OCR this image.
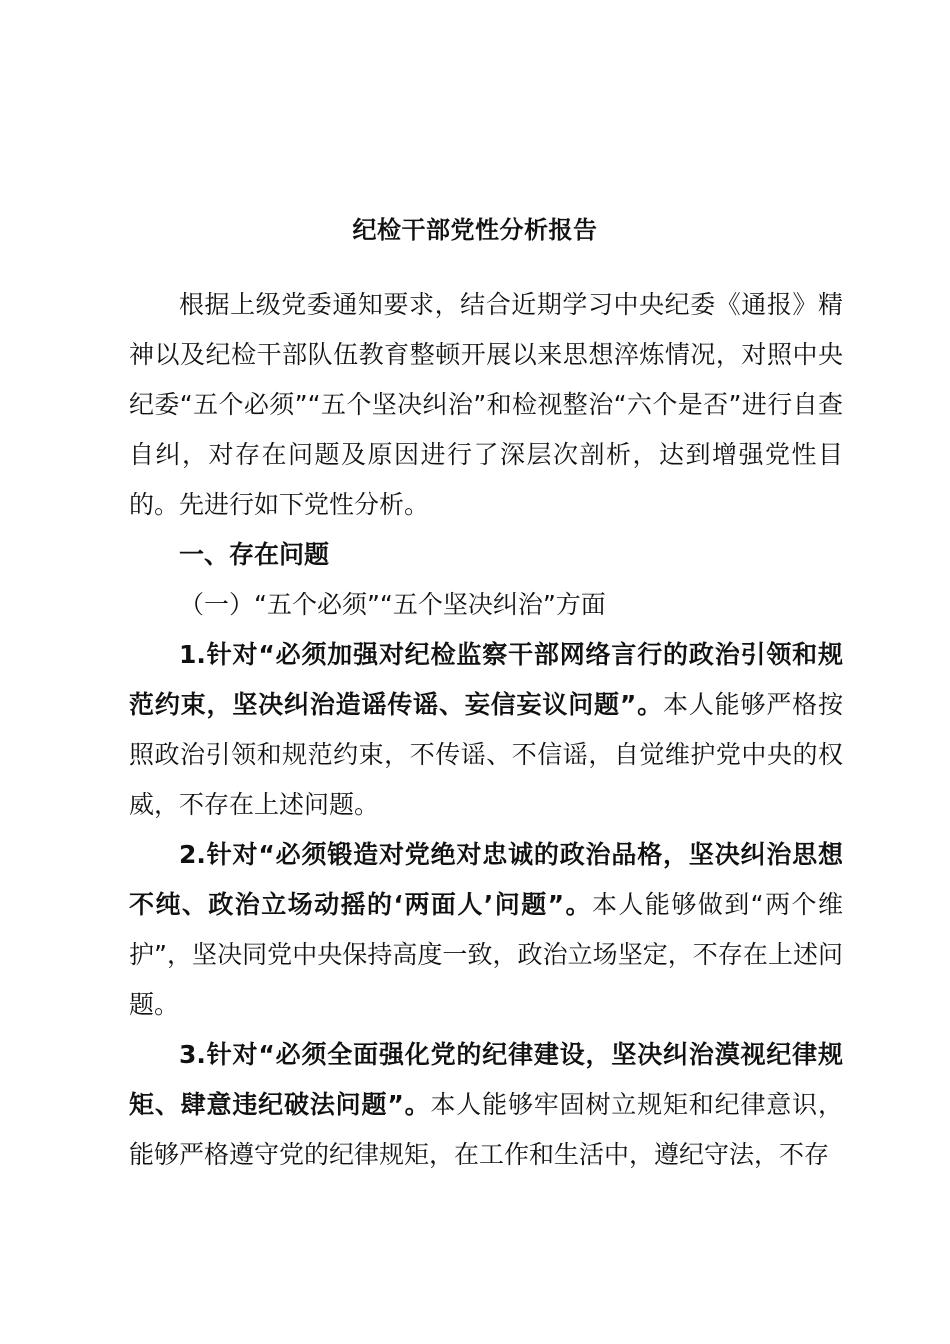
纪检干部党性分析报告

根据上级党委通知要求，结合近期学习中央纪委《通报》精神以及纪检干部队伍教育整顿开展以来思想淬炼情况，对照中央纪委“五个必须”“五个坚决纠治”和检视整治“六个是否”进行自查自纠，对存在问题及原因进行了深层次剖析，达到增强党性目的。先进行如下党性分析。

一、存在问题

（一）“五个必须”“五个坚决纠治”方面

1.针对“必须加强对纪检监察干部网络言行的政治引领和规范约束，坚决纠治造谣传谣、妄信妄议问题”。本人能够严格按照政治引领和规范约束，不传谣、不信谣，自觉维护党中央的权威，不存在上述问题。

2.针对“必须锻造对党绝对忠诚的政治品格，坚决纠治思想不纯、政治立场动摇的‘两面人’问题”。本人能够做到“两个维护”，坚决同党中央保持高度一致，政治立场坚定，不存在上述问题。

3.针对“必须全面强化党的纪律建设，坚决纠治漠视纪律规矩、肆意违纪破法问题”。本人能够牢固树立规矩和纪律意识，能够严格遵守党的纪律规矩，在工作和生活中，遵纪守法，不存
